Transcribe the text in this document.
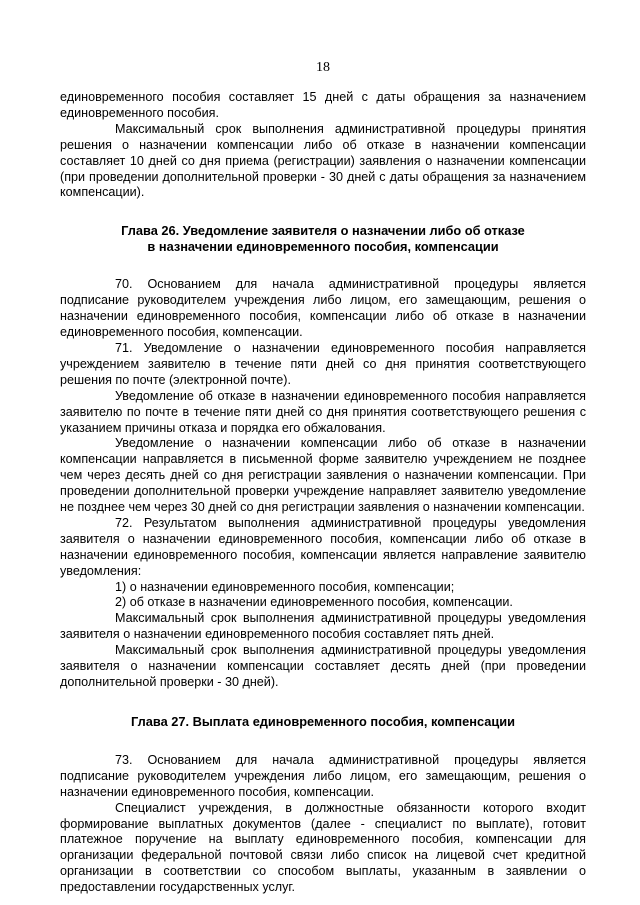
18

единовременного пособия составляет 15 дней с даты обращения за назначением единовременного пособия.

Максимальный срок выполнения административной процедуры принятия решения о назначении компенсации либо об отказе в назначении компенсации составляет 10 дней со дня приема (регистрации) заявления о назначении компенсации (при проведении дополнительной проверки - 30 дней с даты обращения за назначением компенсации).

Глава 26. Уведомление заявителя о назначении либо об отказе
в назначении единовременного пособия, компенсации

70. Основанием для начала административной процедуры является подписание руководителем учреждения либо лицом, его замещающим, решения о назначении единовременного пособия, компенсации либо об отказе в назначении единовременного пособия, компенсации.

71. Уведомление о назначении единовременного пособия направляется учреждением заявителю в течение пяти дней со дня принятия соответствующего решения по почте (электронной почте).

Уведомление об отказе в назначении единовременного пособия направляется заявителю по почте в течение пяти дней со дня принятия соответствующего решения с указанием причины отказа и порядка его обжалования.

Уведомление о назначении компенсации либо об отказе в назначении компенсации направляется в письменной форме заявителю учреждением не позднее чем через десять дней со дня регистрации заявления о назначении компенсации. При проведении дополнительной проверки учреждение направляет заявителю уведомление не позднее чем через 30 дней со дня регистрации заявления о назначении компенсации.

72. Результатом выполнения административной процедуры уведомления заявителя о назначении единовременного пособия, компенсации либо об отказе в назначении единовременного пособия, компенсации является направление заявителю уведомления:

1) о назначении единовременного пособия, компенсации;

2) об отказе в назначении единовременного пособия, компенсации.

Максимальный срок выполнения административной процедуры уведомления заявителя о назначении единовременного пособия составляет пять дней.

Максимальный срок выполнения административной процедуры уведомления заявителя о назначении компенсации составляет десять дней (при проведении дополнительной проверки - 30 дней).

Глава 27. Выплата единовременного пособия, компенсации

73. Основанием для начала административной процедуры является подписание руководителем учреждения либо лицом, его замещающим, решения о назначении единовременного пособия, компенсации.

Специалист учреждения, в должностные обязанности которого входит формирование выплатных документов (далее - специалист по выплате), готовит платежное поручение на выплату единовременного пособия, компенсации для организации федеральной почтовой связи либо список на лицевой счет кредитной организации в соответствии со способом выплаты, указанным в заявлении о предоставлении государственных услуг.
